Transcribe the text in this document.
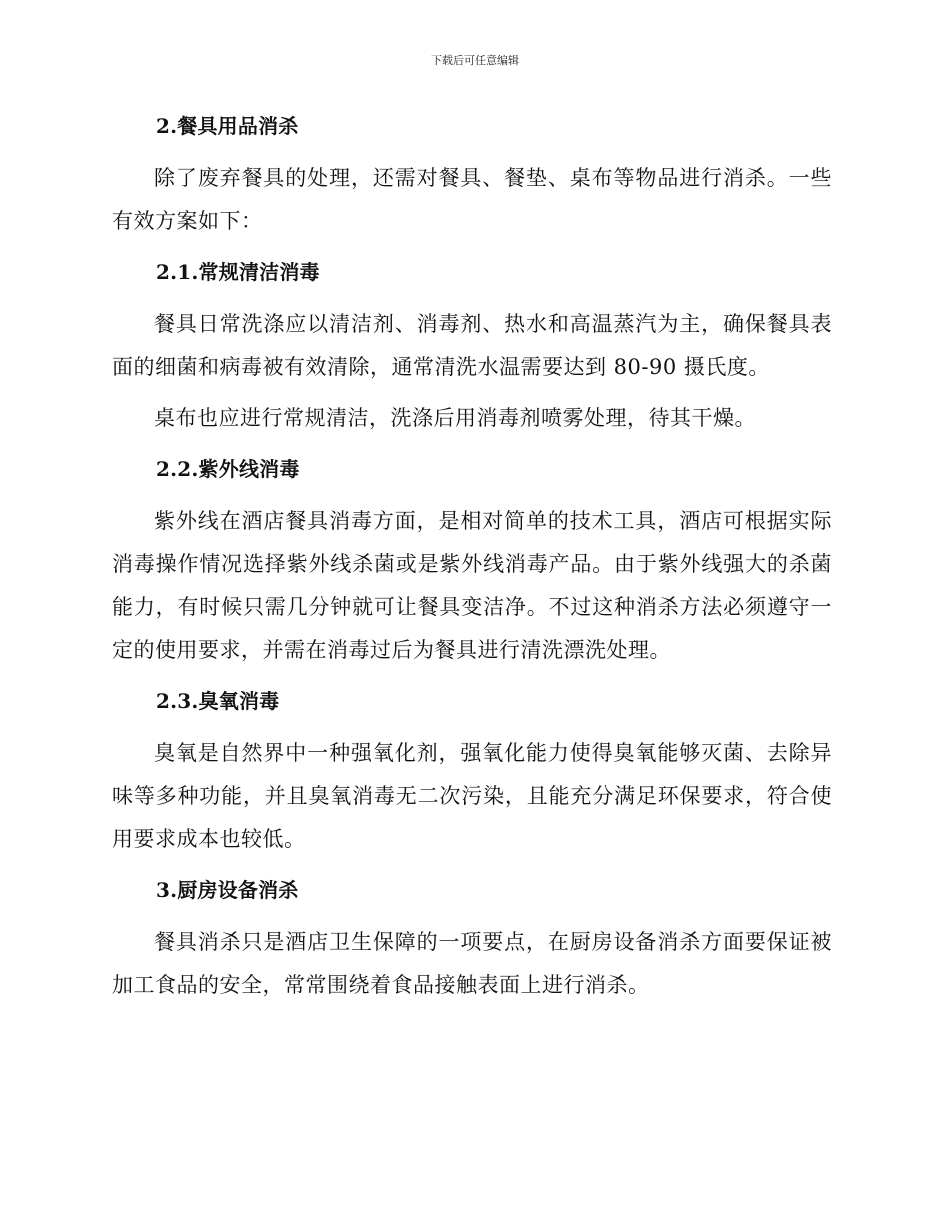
下载后可任意编辑
2.餐具用品消杀
除了废弃餐具的处理，还需对餐具、餐垫、桌布等物品进行消杀。一些有效方案如下：
2.1.常规清洁消毒
餐具日常洗涤应以清洁剂、消毒剂、热水和高温蒸汽为主，确保餐具表面的细菌和病毒被有效清除，通常清洗水温需要达到 80-90 摄氏度。
桌布也应进行常规清洁，洗涤后用消毒剂喷雾处理，待其干燥。
2.2.紫外线消毒
紫外线在酒店餐具消毒方面，是相对简单的技术工具，酒店可根据实际消毒操作情况选择紫外线杀菌或是紫外线消毒产品。由于紫外线强大的杀菌能力，有时候只需几分钟就可让餐具变洁净。不过这种消杀方法必须遵守一定的使用要求，并需在消毒过后为餐具进行清洗漂洗处理。
2.3.臭氧消毒
臭氧是自然界中一种强氧化剂，强氧化能力使得臭氧能够灭菌、去除异味等多种功能，并且臭氧消毒无二次污染，且能充分满足环保要求，符合使用要求成本也较低。
3.厨房设备消杀
餐具消杀只是酒店卫生保障的一项要点，在厨房设备消杀方面要保证被加工食品的安全，常常围绕着食品接触表面上进行消杀。
